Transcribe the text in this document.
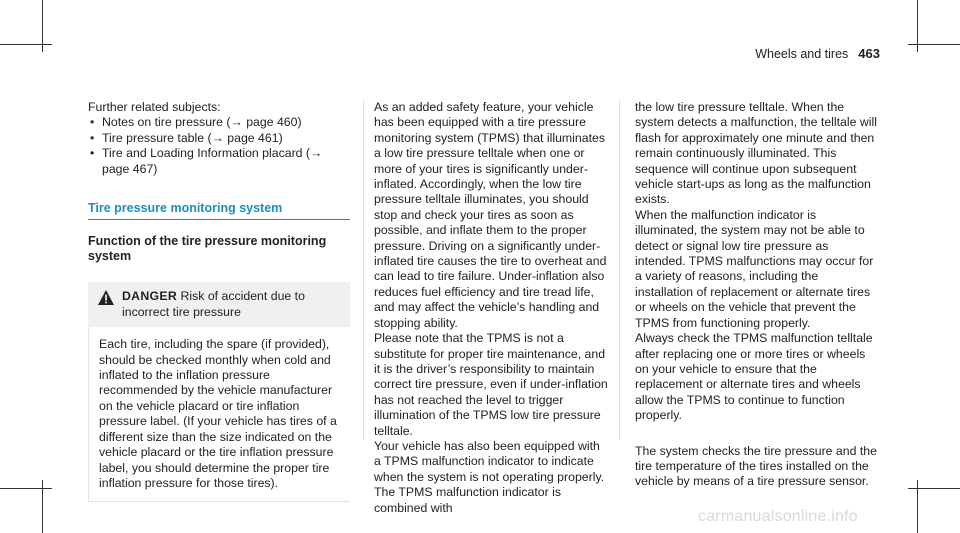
Wheels and tires 463

Further related subjects:

• Notes on tire pressure (→ page 460)
• Tire pressure table (→ page 461)
• Tire and Loading Information placard (→ page 467)
Tire pressure monitoring system
Function of the tire pressure monitoring system
DANGER Risk of accident due to incorrect tire pressure
Each tire, including the spare (if provided), should be checked monthly when cold and inflated to the inflation pressure recommended by the vehicle manufacturer on the vehicle placard or tire inflation pressure label. (If your vehicle has tires of a different size than the size indicated on the vehicle placard or the tire inflation pressure label, you should determine the proper tire inflation pressure for those tires).

As an added safety feature, your vehicle has been equipped with a tire pressure monitoring system (TPMS) that illuminates a low tire pressure telltale when one or more of your tires is significantly under-inflated. Accordingly, when the low tire pressure telltale illuminates, you should stop and check your tires as soon as possible, and inflate them to the proper pressure. Driving on a significantly under-inflated tire causes the tire to overheat and can lead to tire failure. Under-inflation also reduces fuel efficiency and tire tread life, and may affect the vehicle’s handling and stopping ability.

Please note that the TPMS is not a substitute for proper tire maintenance, and it is the driver’s responsibility to maintain correct tire pressure, even if under-inflation has not reached the level to trigger illumination of the TPMS low tire pressure telltale.

Your vehicle has also been equipped with a TPMS malfunction indicator to indicate when the system is not operating properly. The TPMS malfunction indicator is combined with

the low tire pressure telltale. When the system detects a malfunction, the telltale will flash for approximately one minute and then remain continuously illuminated. This sequence will continue upon subsequent vehicle start-ups as long as the malfunction exists.

When the malfunction indicator is illuminated, the system may not be able to detect or signal low tire pressure as intended. TPMS malfunctions may occur for a variety of reasons, including the installation of replacement or alternate tires or wheels on the vehicle that prevent the TPMS from functioning properly.

Always check the TPMS malfunction telltale after replacing one or more tires or wheels on your vehicle to ensure that the replacement or alternate tires and wheels allow the TPMS to continue to function properly.

The system checks the tire pressure and the tire temperature of the tires installed on the vehicle by means of a tire pressure sensor.

carmanualsonline.info
